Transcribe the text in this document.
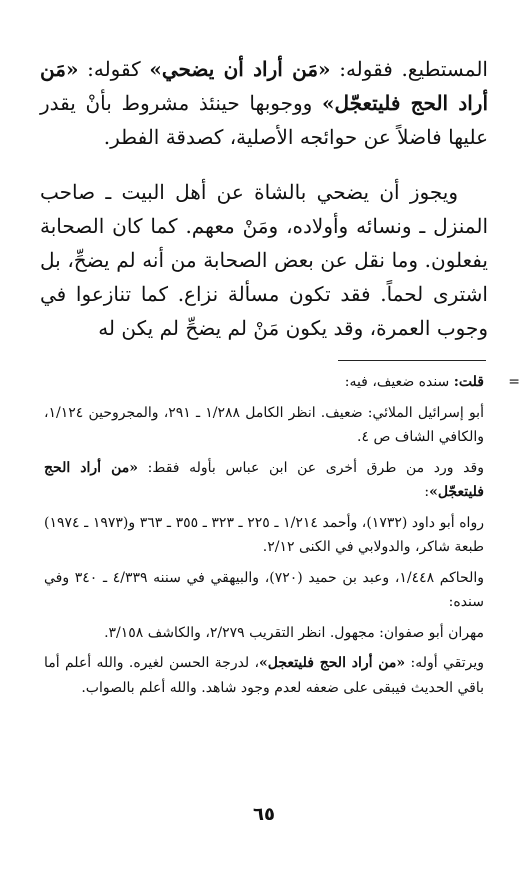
المستطيع. فقوله: «مَن أراد أن يضحي» كقوله: «مَن أراد الحج فليتعجّل» ووجوبها حينئذ مشروط بأنْ يقدر عليها فاضلاً عن حوائجه الأصلية، كصدقة الفطر.

ويجوز أن يضحي بالشاة عن أهل البيت ـ صاحب المنزل ـ ونسائه وأولاده، ومَنْ معهم. كما كان الصحابة يفعلون. وما نقل عن بعض الصحابة من أنه لم يضحِّ، بل اشترى لحماً. فقد تكون مسألة نزاع. كما تنازعوا في وجوب العمرة، وقد يكون مَنْ لم يضحِّ لم يكن له

=
قلت: سنده ضعيف، فيه:

أبو إسرائيل الملائي: ضعيف. انظر الكامل ١/٢٨٨ ـ ٢٩١، والمجروحين ١/١٢٤، والكافي الشاف ص ٤.

وقد ورد من طرق أخرى عن ابن عباس بأوله فقط: «من أراد الحج فليتعجّل»:

رواه أبو داود (١٧٣٢)، وأحمد ١/٢١٤ ـ ٢٢٥ ـ ٣٢٣ ـ ٣٥٥ ـ ٣٦٣ و(١٩٧٣ ـ ١٩٧٤) طبعة شاكر، والدولابي في الكنى ٢/١٢.

والحاكم ١/٤٤٨، وعبد بن حميد (٧٢٠)، والبيهقي في سننه ٤/٣٣٩ ـ ٣٤٠ وفي سنده:

مهران أبو صفوان: مجهول. انظر التقريب ٢/٢٧٩، والكاشف ٣/١٥٨.

ويرتقي أوله: «من أراد الحج فليتعجل»، لدرجة الحسن لغيره. والله أعلم أما باقي الحديث فيبقى على ضعفه لعدم وجود شاهد. والله أعلم بالصواب.

٦٥
